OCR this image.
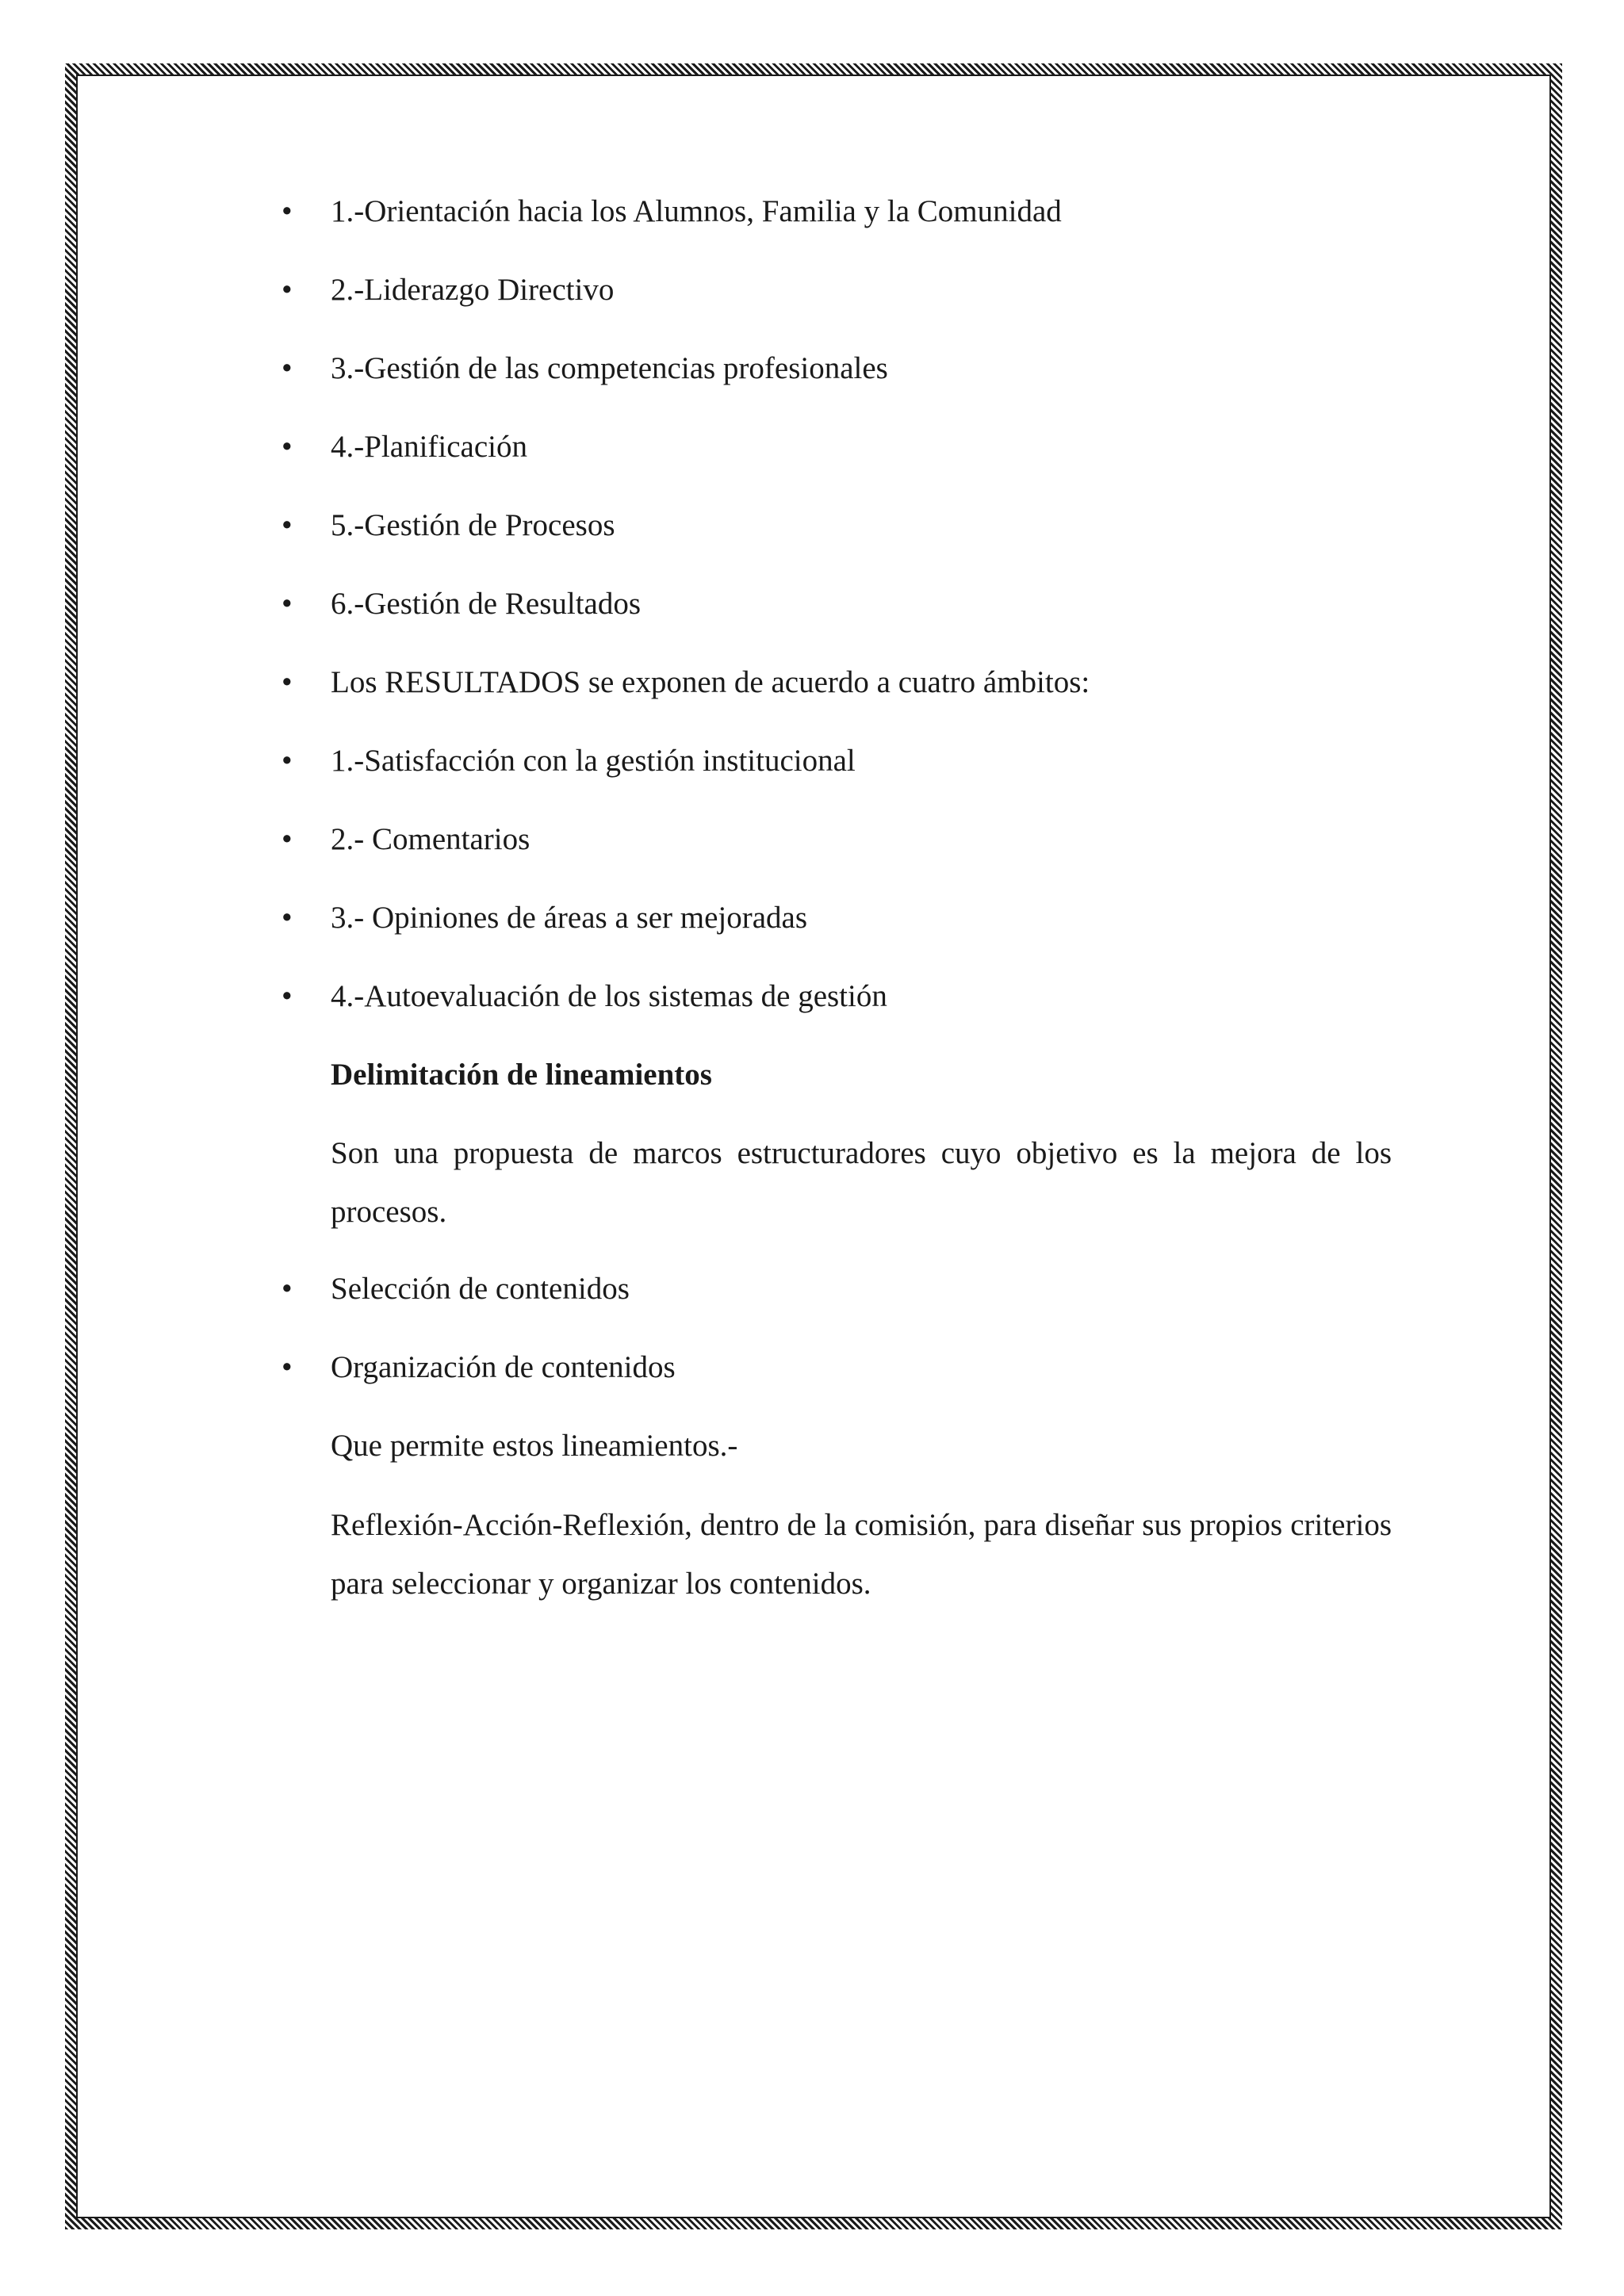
• 1.-Orientación hacia los Alumnos, Familia y la Comunidad
• 2.-Liderazgo Directivo
• 3.-Gestión de las competencias profesionales
• 4.-Planificación
• 5.-Gestión de Procesos
• 6.-Gestión de Resultados
• Los RESULTADOS se exponen de acuerdo a cuatro ámbitos:
• 1.-Satisfacción con la gestión institucional
• 2.- Comentarios
• 3.- Opiniones de áreas a ser mejoradas
• 4.-Autoevaluación de los sistemas de gestión
Delimitación de lineamientos
Son una propuesta de marcos estructuradores cuyo objetivo es la mejora de los procesos.
• Selección de contenidos
• Organización de contenidos
Que permite estos lineamientos.-
Reflexión-Acción-Reflexión, dentro de la comisión, para diseñar sus propios criterios para seleccionar y organizar los contenidos.
